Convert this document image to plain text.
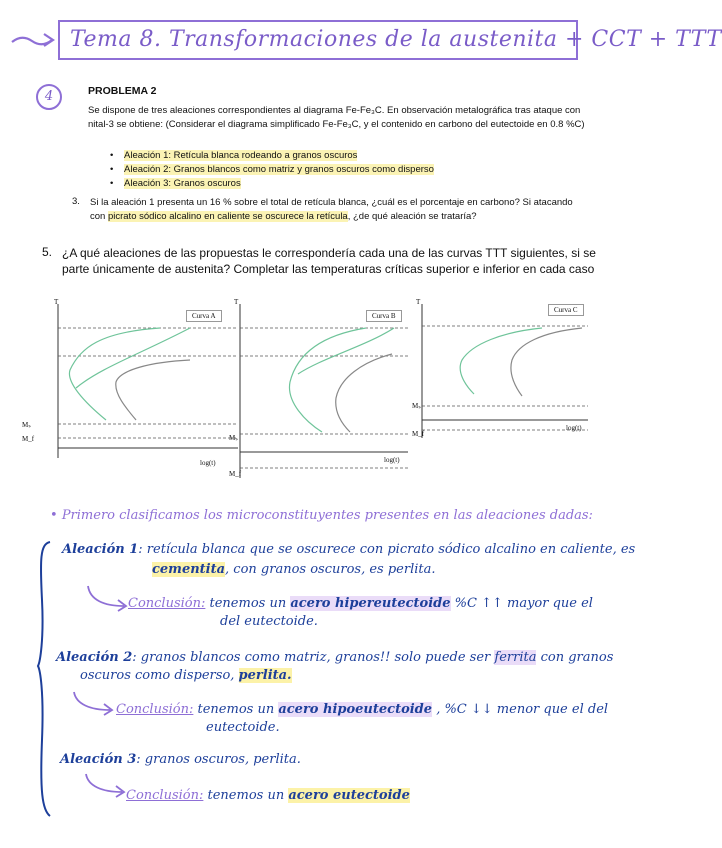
Tema 8. Transformaciones de la austenita + CCT + TTT
4	PROBLEMA 2
Se dispone de tres aleaciones correspondientes al diagrama Fe-Fe₃C. En observación metalográfica tras ataque con nital-3 se obtiene: (Considerar el diagrama simplificado Fe-Fe₃C, y el contenido en carbono del eutectoide en 0.8 %C)
• Aleación 1: Retícula blanca rodeando a granos oscuros
• Aleación 2: Granos blancos como matriz y granos oscuros como disperso
• Aleación 3: Granos oscuros
3. Si la aleación 1 presenta un 16 % sobre el total de retícula blanca, ¿cuál es el porcentaje en carbono? Si atacando con picrato sódico alcalino en caliente se oscurece la retícula, ¿de qué aleación se trataría?
5. ¿A qué aleaciones de las propuestas le correspondería cada una de las curvas TTT siguientes, si se parte únicamente de austenita? Completar las temperaturas críticas superior e inferior en cada caso
T
Mₛ
M_f
log(t)
Curva A
T
Mₛ
M_f
log(t)
Curva B
T
Mₛ
M_f
log(t)
Curva C
• Primero clasificamos los microconstituyentes presentes en las aleaciones dadas:
Aleación 1: retícula blanca que se oscurece con picrato sódico alcalino en caliente, es
cementita, con granos oscuros, es perlita.
Conclusión: tenemos un acero hipereutectoide %C ↑↑ mayor que el
del eutectoide.
Aleación 2: granos blancos como matriz, granos!! solo puede ser ferrita con granos
oscuros como disperso, perlita.
Conclusión: tenemos un acero hipoeutectoide , %C ↓↓ menor que el del
eutectoide.
Aleación 3: granos oscuros, perlita.
Conclusión: tenemos un acero eutectoide
